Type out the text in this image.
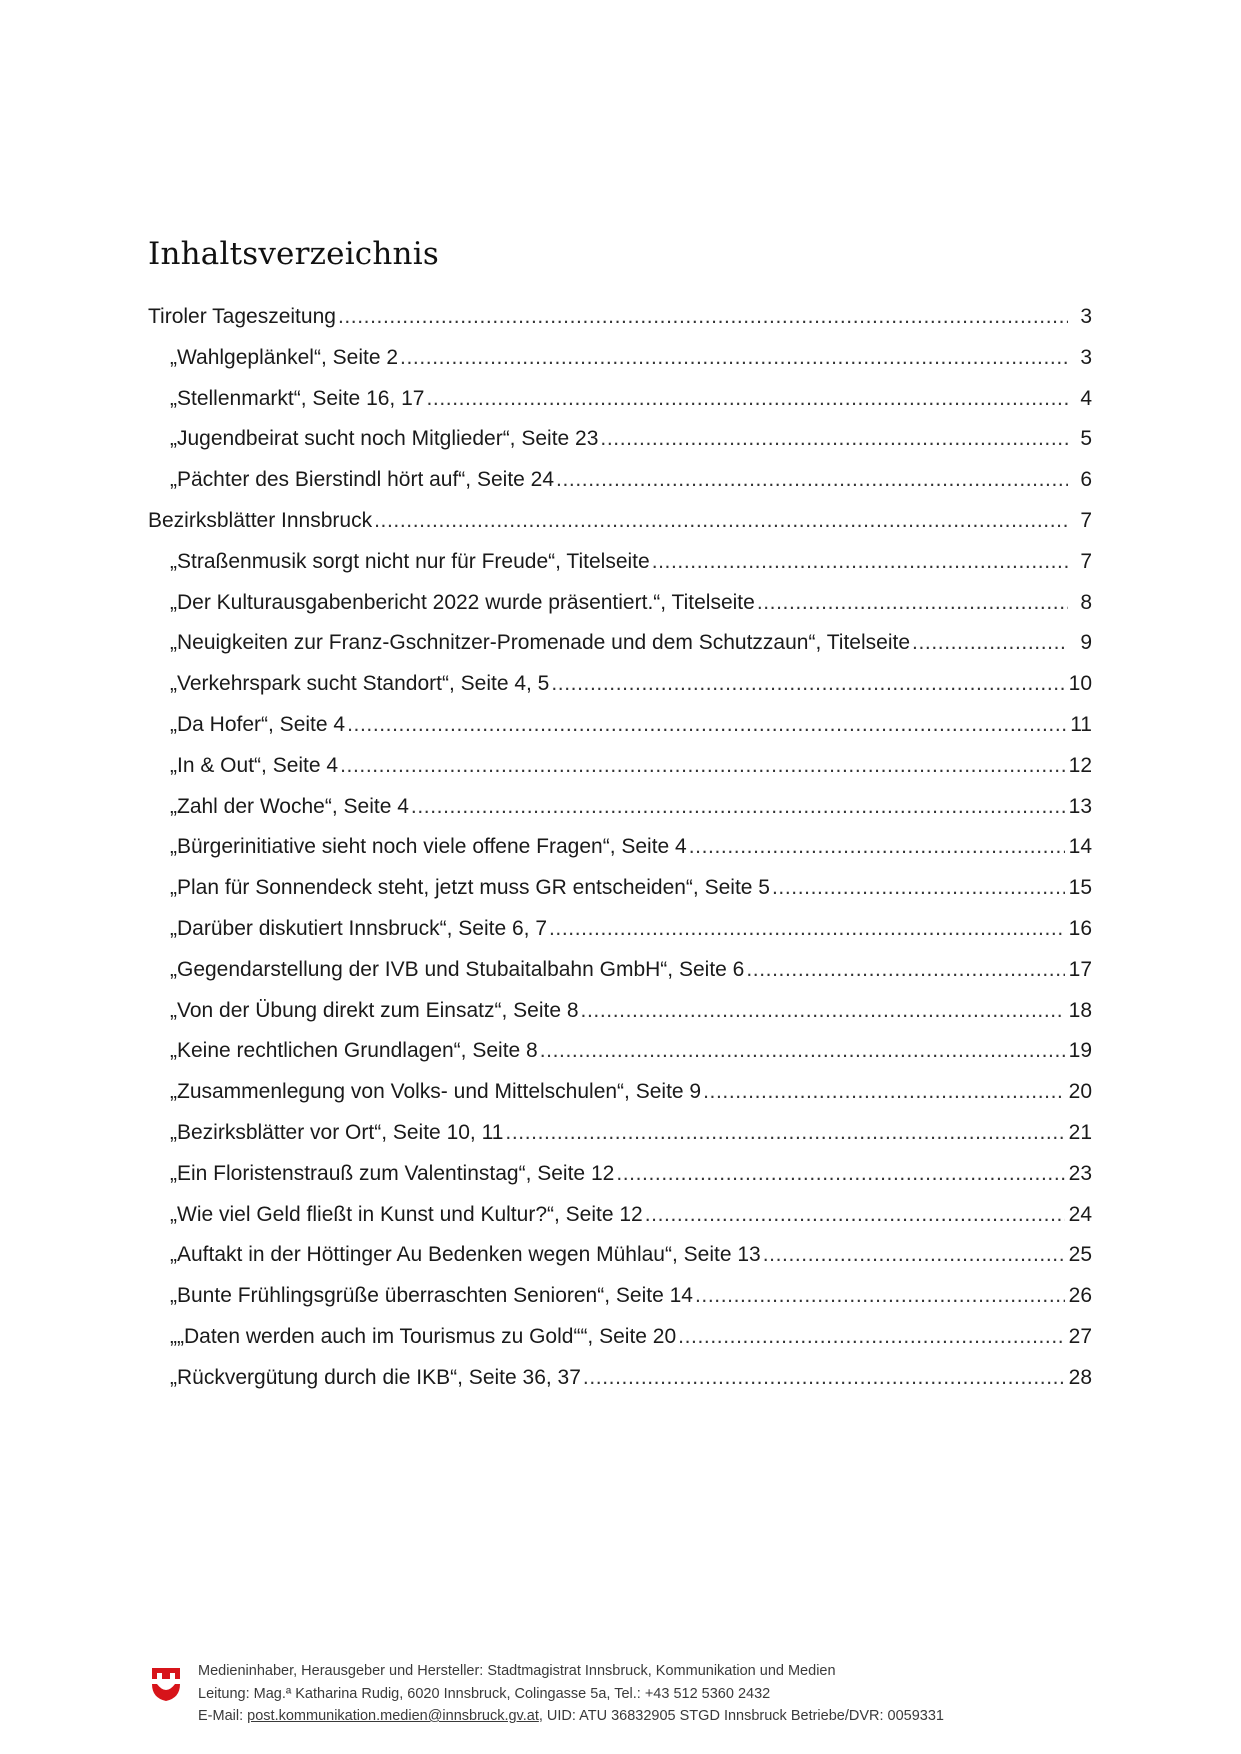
Inhaltsverzeichnis
Tiroler Tageszeitung .....	3
„Wahlgeplänkel“, Seite 2 .....	3
„Stellenmarkt“, Seite 16, 17 .....	4
„Jugendbeirat sucht noch Mitglieder“, Seite 23 .....	5
„Pächter des Bierstindl hört auf“, Seite 24 .....	6
Bezirksblätter Innsbruck .....	7
„Straßenmusik sorgt nicht nur für Freude“, Titelseite .....	7
„Der Kulturausgabenbericht 2022 wurde präsentiert.“, Titelseite .....	8
„Neuigkeiten zur Franz-Gschnitzer-Promenade und dem Schutzzaun“, Titelseite .....	9
„Verkehrspark sucht Standort“, Seite 4, 5 .....	10
„Da Hofer“, Seite 4 .....	11
„In & Out“, Seite 4 .....	12
„Zahl der Woche“, Seite 4 .....	13
„Bürgerinitiative sieht noch viele offene Fragen“, Seite 4 .....	14
„Plan für Sonnendeck steht, jetzt muss GR entscheiden“, Seite 5 .....	15
„Darüber diskutiert Innsbruck“, Seite 6, 7 .....	16
„Gegendarstellung der IVB und Stubaitalbahn GmbH“, Seite 6 .....	17
„Von der Übung direkt zum Einsatz“, Seite 8 .....	18
„Keine rechtlichen Grundlagen“, Seite 8 .....	19
„Zusammenlegung von Volks- und Mittelschulen“, Seite 9 .....	20
„Bezirksblätter vor Ort“, Seite 10, 11 .....	21
„Ein Floristenstrauß zum Valentinstag“, Seite 12 .....	23
„Wie viel Geld fließt in Kunst und Kultur?“, Seite 12 .....	24
„Auftakt in der Höttinger Au Bedenken wegen Mühlau“, Seite 13 .....	25
„Bunte Frühlingsgrüße überraschten Senioren“, Seite 14 .....	26
„„Daten werden auch im Tourismus zu Gold““, Seite 20 .....	27
„Rückvergütung durch die IKB“, Seite 36, 37 .....	28
Medieninhaber, Herausgeber und Hersteller: Stadtmagistrat Innsbruck, Kommunikation und Medien
Leitung: Mag.ª Katharina Rudig, 6020 Innsbruck, Colingasse 5a, Tel.: +43 512 5360 2432
E-Mail: post.kommunikation.medien@innsbruck.gv.at, UID: ATU 36832905 STGD Innsbruck Betriebe/DVR: 0059331
